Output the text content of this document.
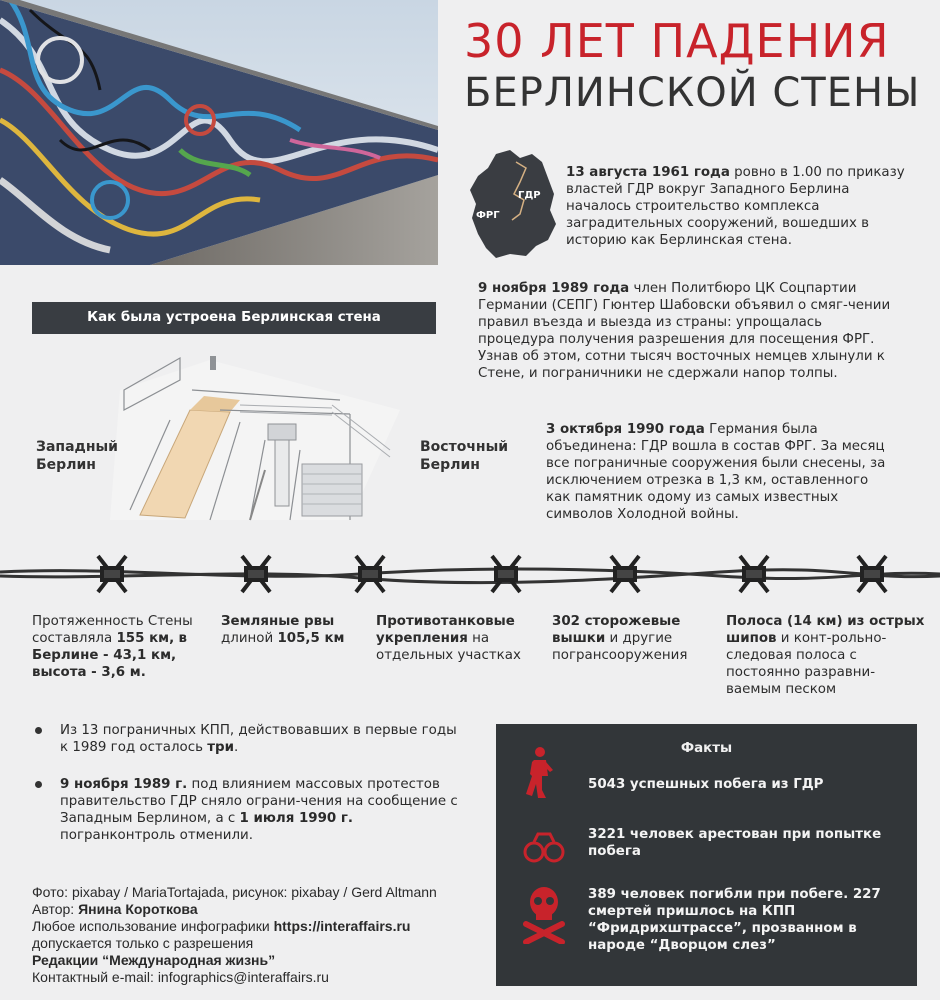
30 ЛЕТ ПАДЕНИЯ
БЕРЛИНСКОЙ СТЕНЫ
ФРГ
ГДР
13 августа 1961 года ровно в 1.00 по приказу властей ГДР вокруг Западного Берлина началось строительство комплекса заградительных сооружений, вошедших в историю как Берлинская стена.
9 ноября 1989 года член Политбюро ЦК Соцпартии Германии (СЕПГ) Гюнтер Шабовски объявил о смяг-чении правил въезда и выезда из страны: упрощалась процедура получения разрешения для посещения ФРГ. Узнав об этом, сотни тысяч восточных немцев хлынули к Стене, и пограничники не сдержали напор толпы.
3 октября 1990 года Германия была объединена: ГДР вошла в состав ФРГ. За месяц все пограничные сооружения были снесены, за исключением отрезка в 1,3 км, оставленного как памятник одому из самых известных символов Холодной войны.
Как была устроена Берлинская стена
Западный Берлин
Восточный Берлин
Протяженность Стены составляла 155 км, в Берлине - 43,1 км, высота - 3,6 м.
Земляные рвы длиной 105,5 км
Противотанковые укрепления на отдельных участках
302 сторожевые вышки и другие погрансооружения
Полоса (14 км) из острых шипов и конт-рольно-следовая полоса с постоянно разравни-ваемым песком
Из 13 пограничных КПП, действовавших в первые годы к 1989 год осталось три.
9 ноября 1989 г. под влиянием массовых протестов правительство ГДР сняло ограни-чения на сообщение с Западным Берлином, а с 1 июля 1990 г. погранконтроль отменили.
Фото: pixabay / MariaTortajada, рисунок: pixabay / Gerd Altmann
Автор: Янина Короткова
Любое использование инфографики https://interaffairs.ru
допускается только с разрешения
Редакции “Международная жизнь”
Контактный e-mail: infographics@interaffairs.ru
Факты
5043 успешных побега из ГДР
3221 человек арестован при попытке побега
389 человек погибли при побеге. 227 смертей пришлось на КПП “Фридрихштрассе”, прозванном в народе “Дворцом слез”
